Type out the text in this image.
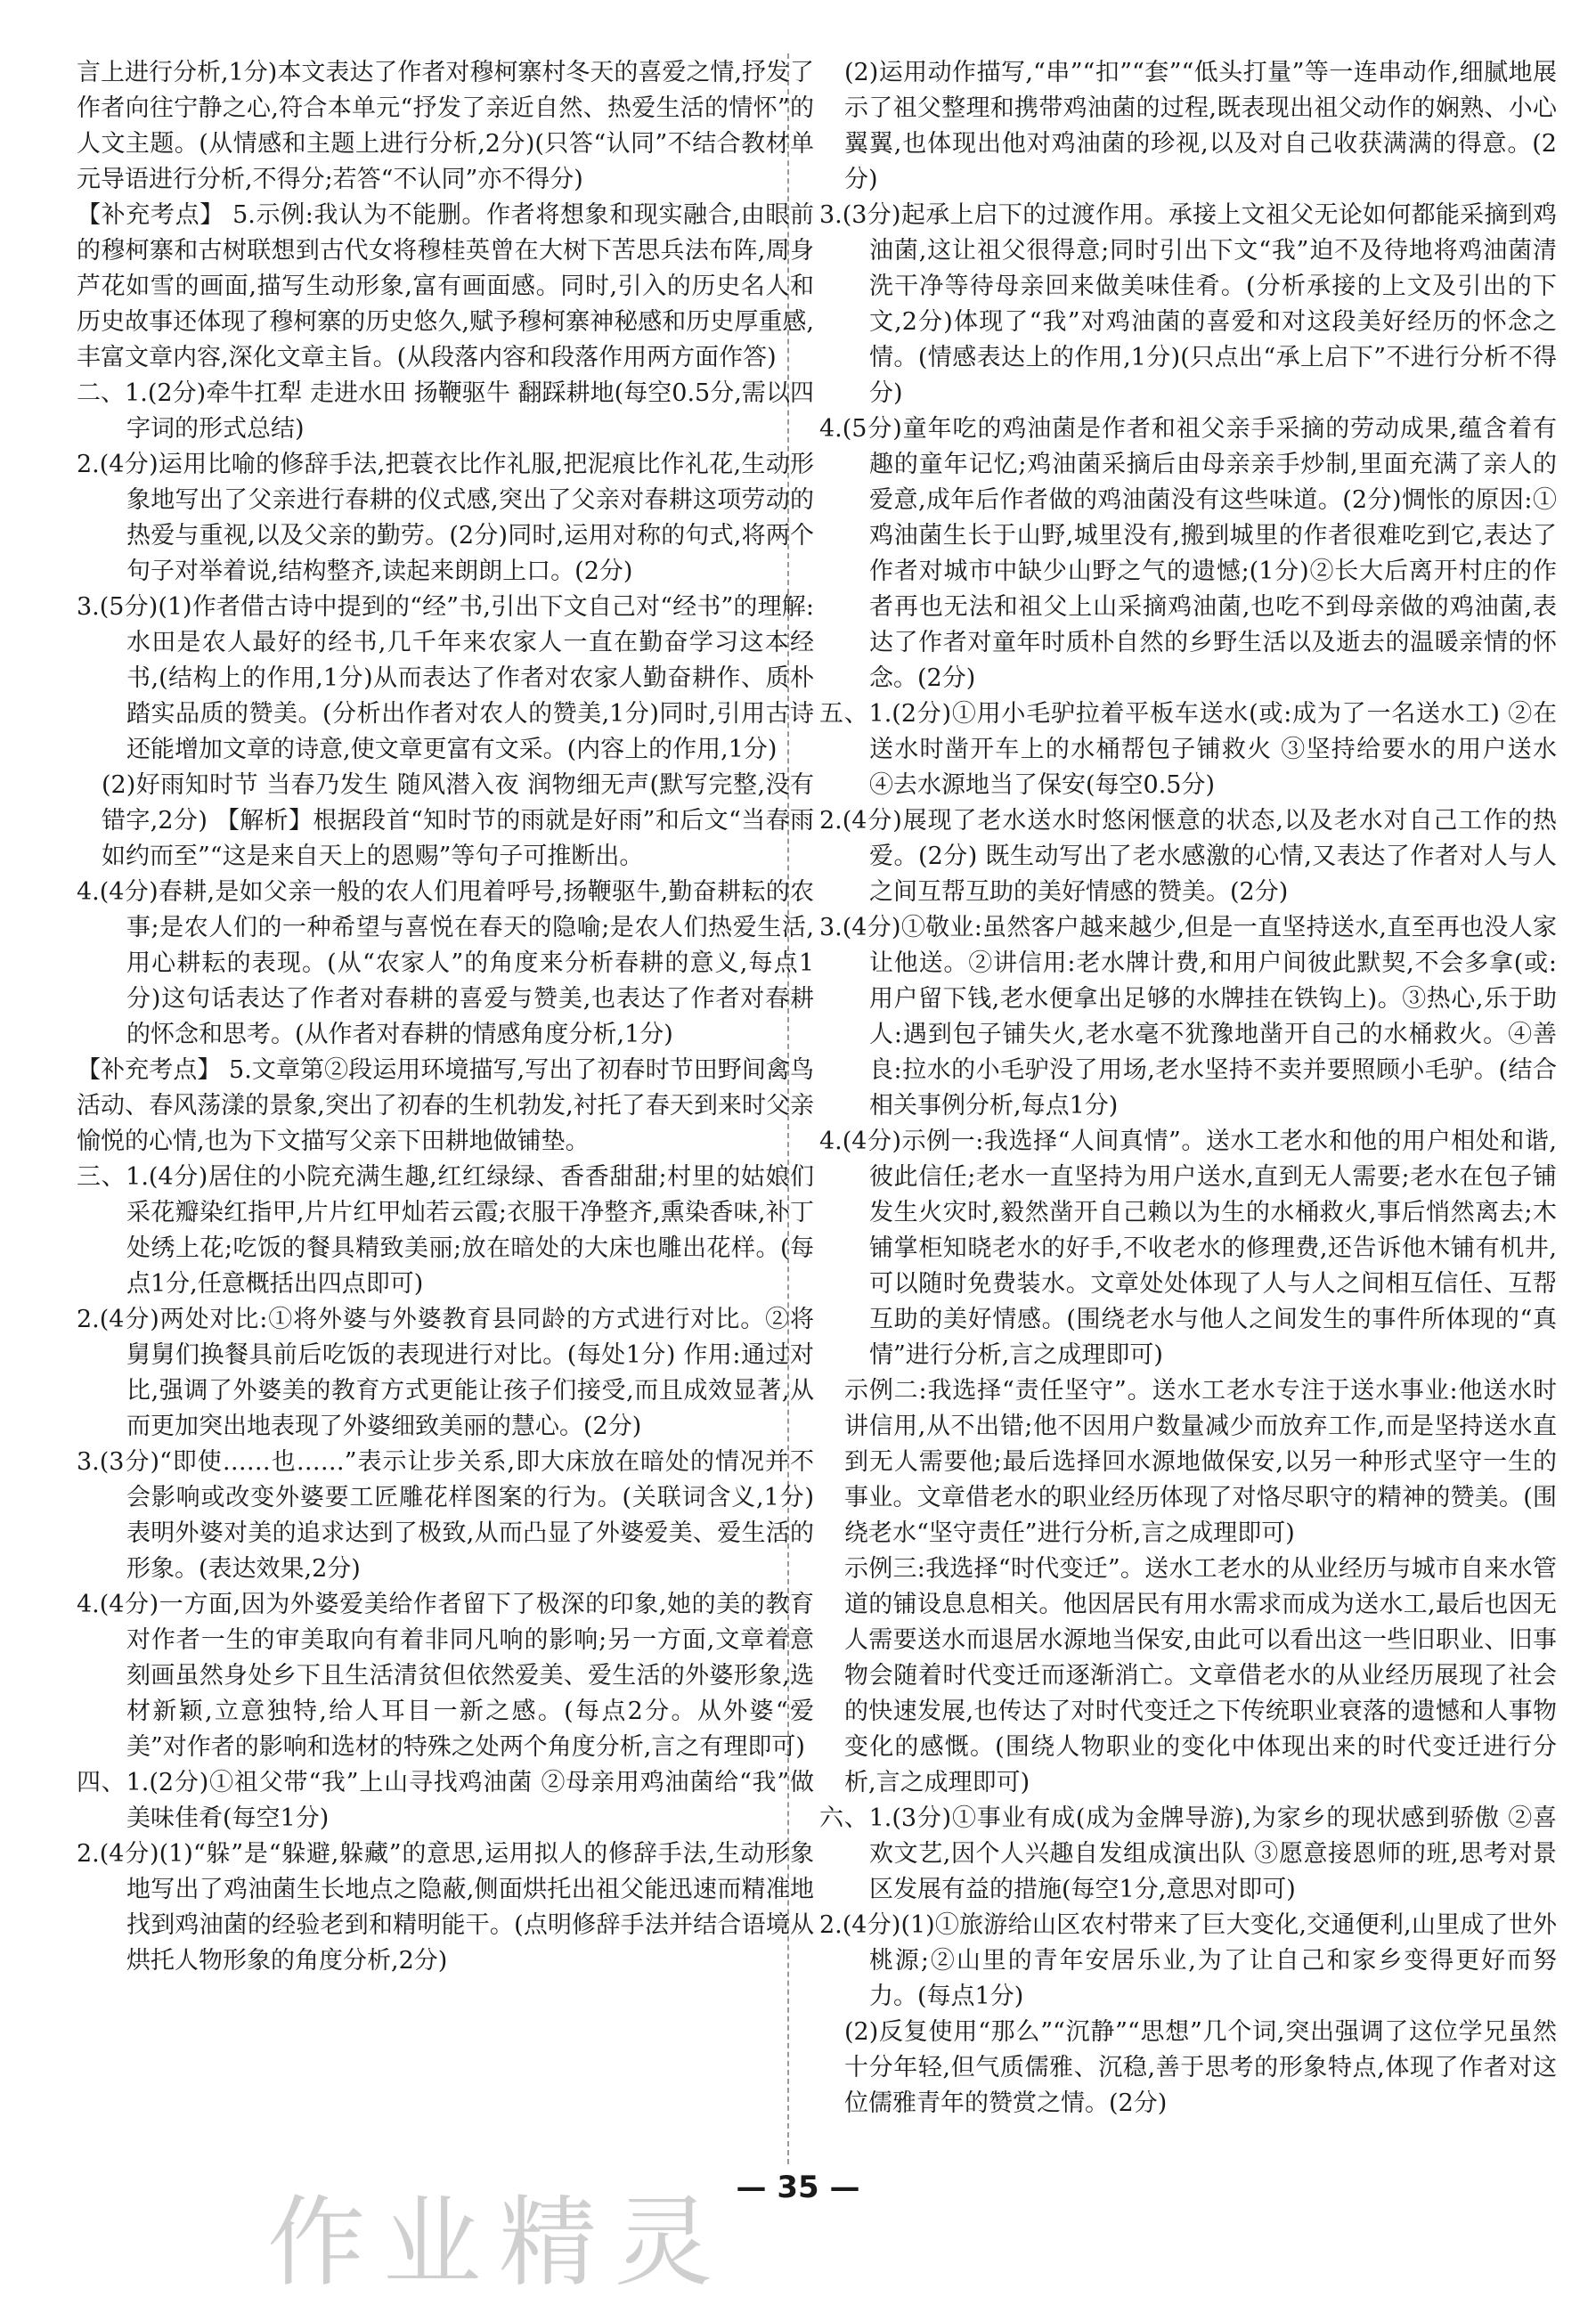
言上进行分析,1分)本文表达了作者对穆柯寨村冬天的喜爱之情,抒发了作者向往宁静之心,符合本单元“抒发了亲近自然、热爱生活的情怀”的人文主题。(从情感和主题上进行分析,2分)(只答“认同”不结合教材单元导语进行分析,不得分;若答“不认同”亦不得分)

【补充考点】 5.示例:我认为不能删。作者将想象和现实融合,由眼前的穆柯寨和古树联想到古代女将穆桂英曾在大树下苦思兵法布阵,周身芦花如雪的画面,描写生动形象,富有画面感。同时,引入的历史名人和历史故事还体现了穆柯寨的历史悠久,赋予穆柯寨神秘感和历史厚重感,丰富文章内容,深化文章主旨。(从段落内容和段落作用两方面作答)

二、1.(2分)牵牛扛犁 走进水田 扬鞭驱牛 翻踩耕地(每空0.5分,需以四字词的形式总结)

2.(4分)运用比喻的修辞手法,把蓑衣比作礼服,把泥痕比作礼花,生动形象地写出了父亲进行春耕的仪式感,突出了父亲对春耕这项劳动的热爱与重视,以及父亲的勤劳。(2分)同时,运用对称的句式,将两个句子对举着说,结构整齐,读起来朗朗上口。(2分)

3.(5分)(1)作者借古诗中提到的“经”书,引出下文自己对“经书”的理解:水田是农人最好的经书,几千年来农家人一直在勤奋学习这本经书,(结构上的作用,1分)从而表达了作者对农家人勤奋耕作、质朴踏实品质的赞美。(分析出作者对农人的赞美,1分)同时,引用古诗还能增加文章的诗意,使文章更富有文采。(内容上的作用,1分)

(2)好雨知时节 当春乃发生 随风潜入夜 润物细无声(默写完整,没有错字,2分) 【解析】根据段首“知时节的雨就是好雨”和后文“当春雨如约而至”“这是来自天上的恩赐”等句子可推断出。

4.(4分)春耕,是如父亲一般的农人们甩着呼号,扬鞭驱牛,勤奋耕耘的农事;是农人们的一种希望与喜悦在春天的隐喻;是农人们热爱生活,用心耕耘的表现。(从“农家人”的角度来分析春耕的意义,每点1分)这句话表达了作者对春耕的喜爱与赞美,也表达了作者对春耕的怀念和思考。(从作者对春耕的情感角度分析,1分)

【补充考点】 5.文章第②段运用环境描写,写出了初春时节田野间禽鸟活动、春风荡漾的景象,突出了初春的生机勃发,衬托了春天到来时父亲愉悦的心情,也为下文描写父亲下田耕地做铺垫。

三、1.(4分)居住的小院充满生趣,红红绿绿、香香甜甜;村里的姑娘们采花瓣染红指甲,片片红甲灿若云霞;衣服干净整齐,熏染香味,补丁处绣上花;吃饭的餐具精致美丽;放在暗处的大床也雕出花样。(每点1分,任意概括出四点即可)

2.(4分)两处对比:①将外婆与外婆教育县同龄的方式进行对比。②将舅舅们换餐具前后吃饭的表现进行对比。(每处1分) 作用:通过对比,强调了外婆美的教育方式更能让孩子们接受,而且成效显著,从而更加突出地表现了外婆细致美丽的慧心。(2分)

3.(3分)“即使……也……”表示让步关系,即大床放在暗处的情况并不会影响或改变外婆要工匠雕花样图案的行为。(关联词含义,1分)表明外婆对美的追求达到了极致,从而凸显了外婆爱美、爱生活的形象。(表达效果,2分)

4.(4分)一方面,因为外婆爱美给作者留下了极深的印象,她的美的教育对作者一生的审美取向有着非同凡响的影响;另一方面,文章着意刻画虽然身处乡下且生活清贫但依然爱美、爱生活的外婆形象,选材新颖,立意独特,给人耳目一新之感。(每点2分。从外婆“爱美”对作者的影响和选材的特殊之处两个角度分析,言之有理即可)

四、1.(2分)①祖父带“我”上山寻找鸡油菌 ②母亲用鸡油菌给“我”做美味佳肴(每空1分)

2.(4分)(1)“躲”是“躲避,躲藏”的意思,运用拟人的修辞手法,生动形象地写出了鸡油菌生长地点之隐蔽,侧面烘托出祖父能迅速而精准地找到鸡油菌的经验老到和精明能干。(点明修辞手法并结合语境从烘托人物形象的角度分析,2分)

(2)运用动作描写,“串”“扣”“套”“低头打量”等一连串动作,细腻地展示了祖父整理和携带鸡油菌的过程,既表现出祖父动作的娴熟、小心翼翼,也体现出他对鸡油菌的珍视,以及对自己收获满满的得意。(2分)

3.(3分)起承上启下的过渡作用。承接上文祖父无论如何都能采摘到鸡油菌,这让祖父很得意;同时引出下文“我”迫不及待地将鸡油菌清洗干净等待母亲回来做美味佳肴。(分析承接的上文及引出的下文,2分)体现了“我”对鸡油菌的喜爱和对这段美好经历的怀念之情。(情感表达上的作用,1分)(只点出“承上启下”不进行分析不得分)

4.(5分)童年吃的鸡油菌是作者和祖父亲手采摘的劳动成果,蕴含着有趣的童年记忆;鸡油菌采摘后由母亲亲手炒制,里面充满了亲人的爱意,成年后作者做的鸡油菌没有这些味道。(2分)惆怅的原因:①鸡油菌生长于山野,城里没有,搬到城里的作者很难吃到它,表达了作者对城市中缺少山野之气的遗憾;(1分)②长大后离开村庄的作者再也无法和祖父上山采摘鸡油菌,也吃不到母亲做的鸡油菌,表达了作者对童年时质朴自然的乡野生活以及逝去的温暖亲情的怀念。(2分)

五、1.(2分)①用小毛驴拉着平板车送水(或:成为了一名送水工) ②在送水时凿开车上的水桶帮包子铺救火 ③坚持给要水的用户送水 ④去水源地当了保安(每空0.5分)

2.(4分)展现了老水送水时悠闲惬意的状态,以及老水对自己工作的热爱。(2分) 既生动写出了老水感激的心情,又表达了作者对人与人之间互帮互助的美好情感的赞美。(2分)

3.(4分)①敬业:虽然客户越来越少,但是一直坚持送水,直至再也没人家让他送。②讲信用:老水牌计费,和用户间彼此默契,不会多拿(或:用户留下钱,老水便拿出足够的水牌挂在铁钩上)。③热心,乐于助人:遇到包子铺失火,老水毫不犹豫地凿开自己的水桶救火。④善良:拉水的小毛驴没了用场,老水坚持不卖并要照顾小毛驴。(结合相关事例分析,每点1分)

4.(4分)示例一:我选择“人间真情”。送水工老水和他的用户相处和谐,彼此信任;老水一直坚持为用户送水,直到无人需要;老水在包子铺发生火灾时,毅然凿开自己赖以为生的水桶救火,事后悄然离去;木铺掌柜知晓老水的好手,不收老水的修理费,还告诉他木铺有机井,可以随时免费装水。文章处处体现了人与人之间相互信任、互帮互助的美好情感。(围绕老水与他人之间发生的事件所体现的“真情”进行分析,言之成理即可)

示例二:我选择“责任坚守”。送水工老水专注于送水事业:他送水时讲信用,从不出错;他不因用户数量减少而放弃工作,而是坚持送水直到无人需要他;最后选择回水源地做保安,以另一种形式坚守一生的事业。文章借老水的职业经历体现了对恪尽职守的精神的赞美。(围绕老水“坚守责任”进行分析,言之成理即可)

示例三:我选择“时代变迁”。送水工老水的从业经历与城市自来水管道的铺设息息相关。他因居民有用水需求而成为送水工,最后也因无人需要送水而退居水源地当保安,由此可以看出这一些旧职业、旧事物会随着时代变迁而逐渐消亡。文章借老水的从业经历展现了社会的快速发展,也传达了对时代变迁之下传统职业衰落的遗憾和人事物变化的感慨。(围绕人物职业的变化中体现出来的时代变迁进行分析,言之成理即可)

六、1.(3分)①事业有成(成为金牌导游),为家乡的现状感到骄傲 ②喜欢文艺,因个人兴趣自发组成演出队 ③愿意接恩师的班,思考对景区发展有益的措施(每空1分,意思对即可)

2.(4分)(1)①旅游给山区农村带来了巨大变化,交通便利,山里成了世外桃源;②山里的青年安居乐业,为了让自己和家乡变得更好而努力。(每点1分)

(2)反复使用“那么”“沉静”“思想”几个词,突出强调了这位学兄虽然十分年轻,但气质儒雅、沉稳,善于思考的形象特点,体现了作者对这位儒雅青年的赞赏之情。(2分)

作业精灵 — 35 —
